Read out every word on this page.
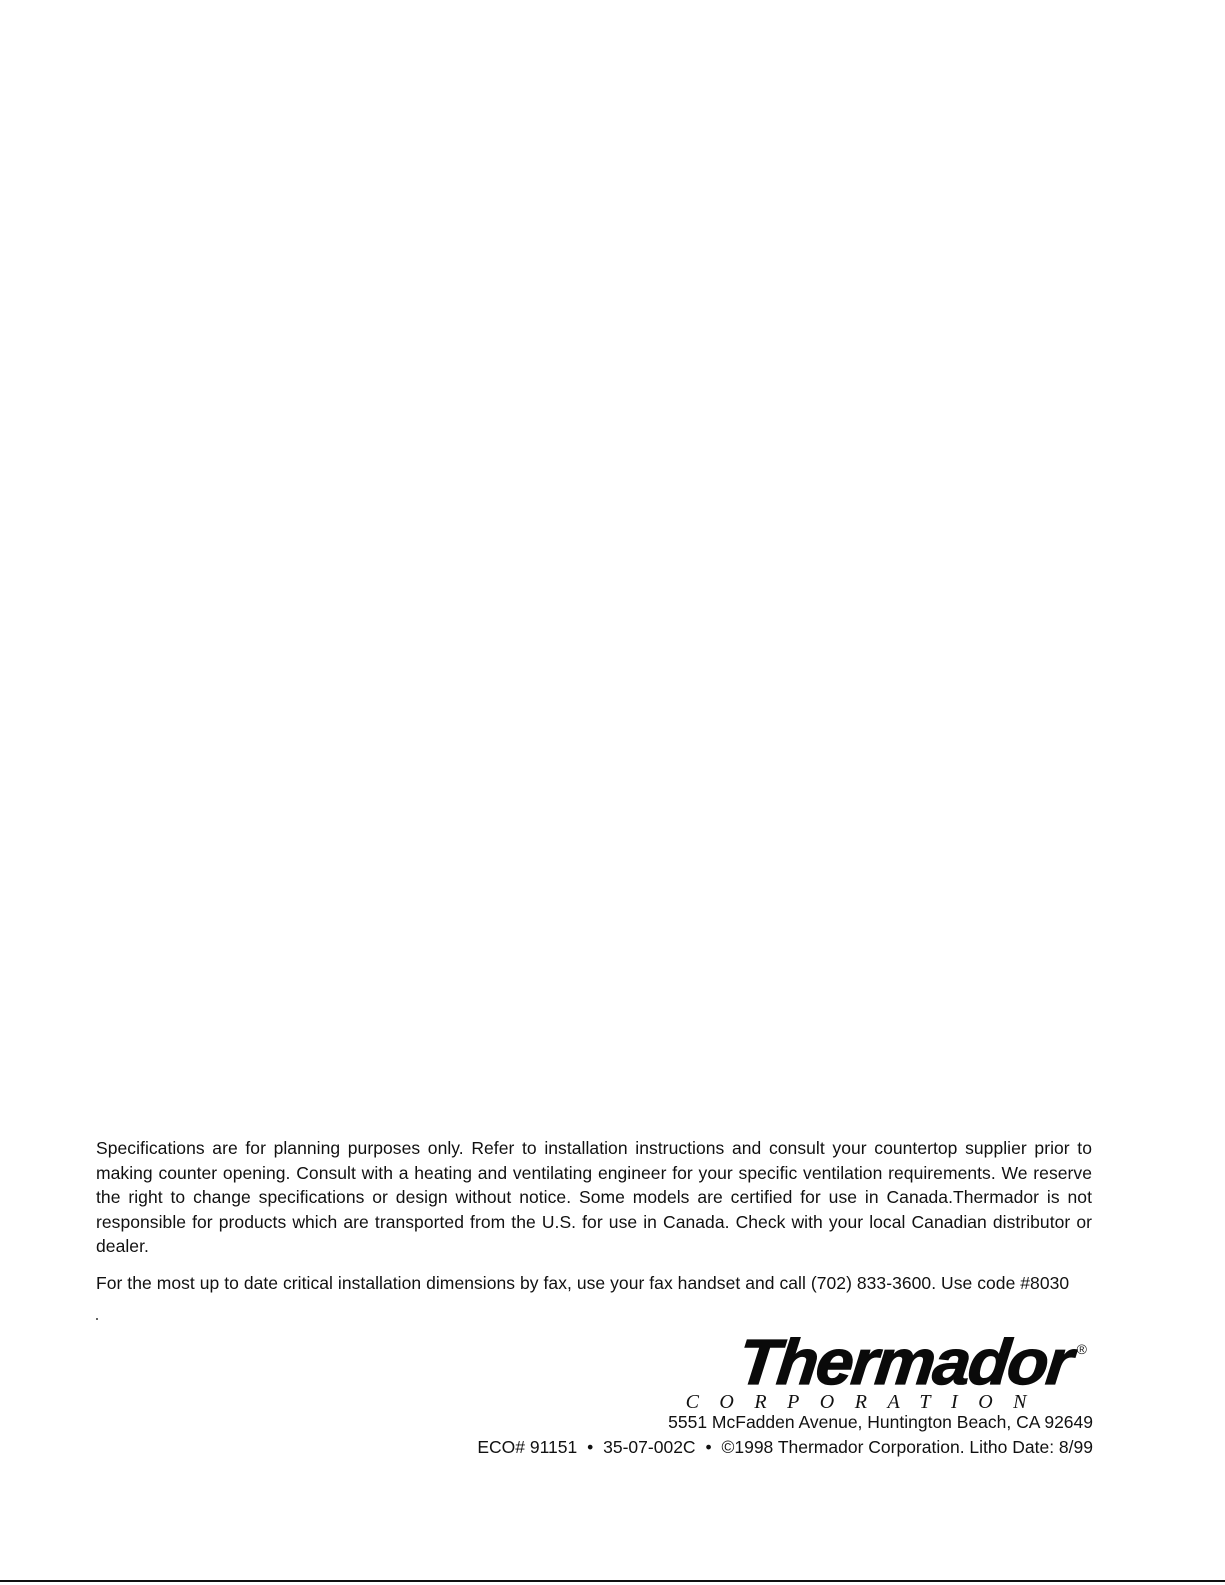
Specifications are for planning purposes only. Refer to installation instructions and consult your countertop supplier prior to making counter opening. Consult with a heating and ventilating engineer for your specific ventilation requirements. We reserve the right to change specifications or design without notice. Some models are certified for use in Canada.Thermador is not responsible for products which are transported from the U.S. for use in Canada. Check with your local Canadian distributor or dealer.

For the most up to date critical installation dimensions by fax, use your fax handset and call (702) 833-3600. Use code #8030

Thermador ®
CORPORATION
5551 McFadden Avenue, Huntington Beach, CA 92649
ECO# 91151 • 35-07-002C • ©1998 Thermador Corporation. Litho Date: 8/99
